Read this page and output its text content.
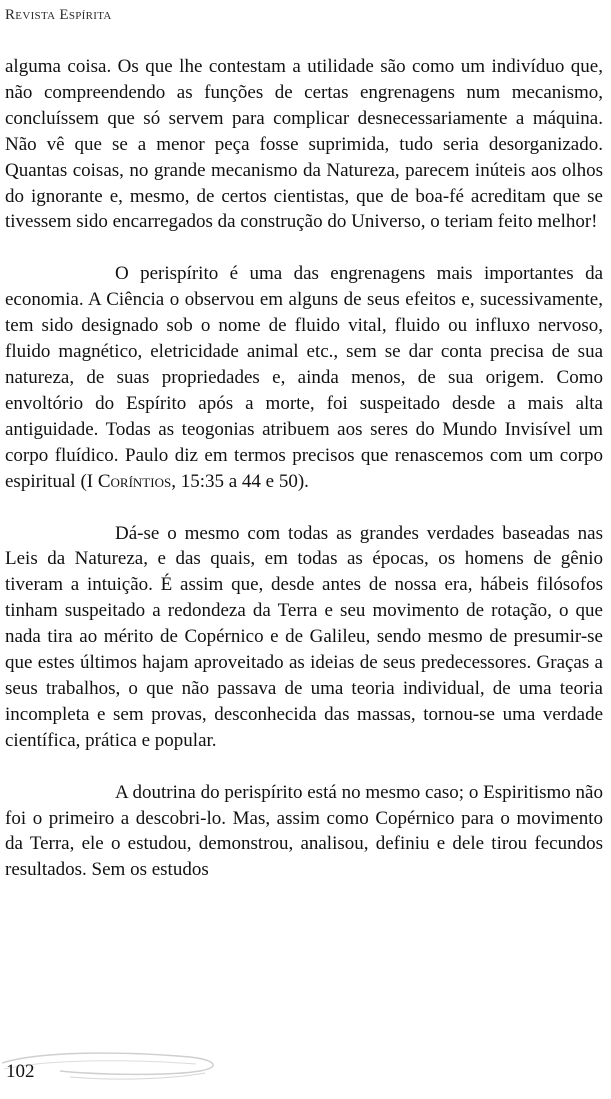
Revista Espírita

alguma coisa. Os que lhe contestam a utilidade são como um indivíduo que, não compreendendo as funções de certas engrenagens num mecanismo, concluíssem que só servem para complicar desnecessariamente a máquina. Não vê que se a menor peça fosse suprimida, tudo seria desorganizado. Quantas coisas, no grande mecanismo da Natureza, parecem inúteis aos olhos do ignorante e, mesmo, de certos cientistas, que de boa-fé acreditam que se tivessem sido encarregados da construção do Universo, o teriam feito melhor!

O perispírito é uma das engrenagens mais importantes da economia. A Ciência o observou em alguns de seus efeitos e, sucessivamente, tem sido designado sob o nome de fluido vital, fluido ou influxo nervoso, fluido magnético, eletricidade animal etc., sem se dar conta precisa de sua natureza, de suas propriedades e, ainda menos, de sua origem. Como envoltório do Espírito após a morte, foi suspeitado desde a mais alta antiguidade. Todas as teogonias atribuem aos seres do Mundo Invisível um corpo fluídico. Paulo diz em termos precisos que renascemos com um corpo espiritual (I Coríntios, 15:35 a 44 e 50).

Dá-se o mesmo com todas as grandes verdades baseadas nas Leis da Natureza, e das quais, em todas as épocas, os homens de gênio tiveram a intuição. É assim que, desde antes de nossa era, hábeis filósofos tinham suspeitado a redondeza da Terra e seu movimento de rotação, o que nada tira ao mérito de Copérnico e de Galileu, sendo mesmo de presumir-se que estes últimos hajam aproveitado as ideias de seus predecessores. Graças a seus trabalhos, o que não passava de uma teoria individual, de uma teoria incompleta e sem provas, desconhecida das massas, tornou-se uma verdade científica, prática e popular.

A doutrina do perispírito está no mesmo caso; o Espiritismo não foi o primeiro a descobri-lo. Mas, assim como Copérnico para o movimento da Terra, ele o estudou, demonstrou, analisou, definiu e dele tirou fecundos resultados. Sem os estudos

102
